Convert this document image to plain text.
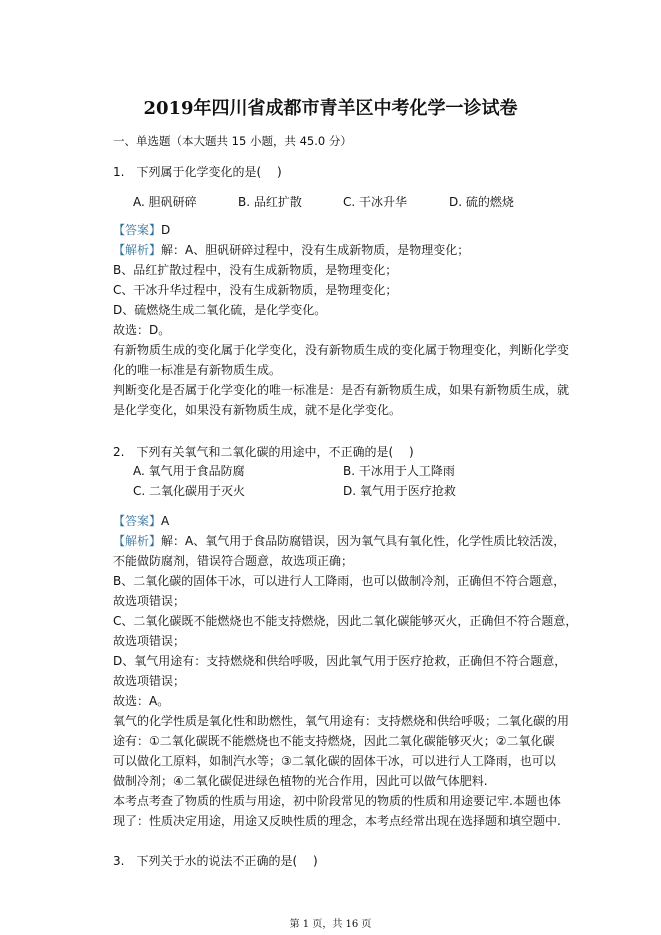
2019年四川省成都市青羊区中考化学一诊试卷
一、单选题（本大题共 15 小题，共 45.0 分）
1.　下列属于化学变化的是(　 )
A. 胆矾研碎	B. 品红扩散	C. 干冰升华	D. 硫的燃烧
【答案】D
【解析】解：A、胆矾研碎过程中，没有生成新物质，是物理变化；
B、品红扩散过程中，没有生成新物质，是物理变化；
C、干冰升华过程中，没有生成新物质，是物理变化；
D、硫燃烧生成二氧化硫，是化学变化。
故选：D。
有新物质生成的变化属于化学变化，没有新物质生成的变化属于物理变化，判断化学变
化的唯一标准是有新物质生成。
判断变化是否属于化学变化的唯一标准是：是否有新物质生成，如果有新物质生成，就
是化学变化，如果没有新物质生成，就不是化学变化。
2.　下列有关氧气和二氧化碳的用途中，不正确的是(　 )
A. 氧气用于食品防腐	B. 干冰用于人工降雨
C. 二氧化碳用于灭火	D. 氧气用于医疗抢救
【答案】A
【解析】解：A、氧气用于食品防腐错误，因为氧气具有氧化性，化学性质比较活泼，
不能做防腐剂，错误符合题意，故选项正确；
B、二氧化碳的固体干冰，可以进行人工降雨，也可以做制冷剂，正确但不符合题意，
故选项错误；
C、二氧化碳既不能燃烧也不能支持燃烧，因此二氧化碳能够灭火，正确但不符合题意，
故选项错误；
D、氧气用途有：支持燃烧和供给呼吸，因此氧气用于医疗抢救，正确但不符合题意，
故选项错误；
故选：A。
氧气的化学性质是氧化性和助燃性，氧气用途有：支持燃烧和供给呼吸；二氧化碳的用
途有：①二氧化碳既不能燃烧也不能支持燃烧，因此二氧化碳能够灭火；②二氧化碳
可以做化工原料，如制汽水等；③二氧化碳的固体干冰，可以进行人工降雨，也可以
做制冷剂；④二氧化碳促进绿色植物的光合作用，因此可以做气体肥料.
本考点考查了物质的性质与用途，初中阶段常见的物质的性质和用途要记牢.本题也体
现了：性质决定用途，用途又反映性质的理念，本考点经常出现在选择题和填空题中.
3.　下列关于水的说法不正确的是(　 )
第 1 页，共 16 页
